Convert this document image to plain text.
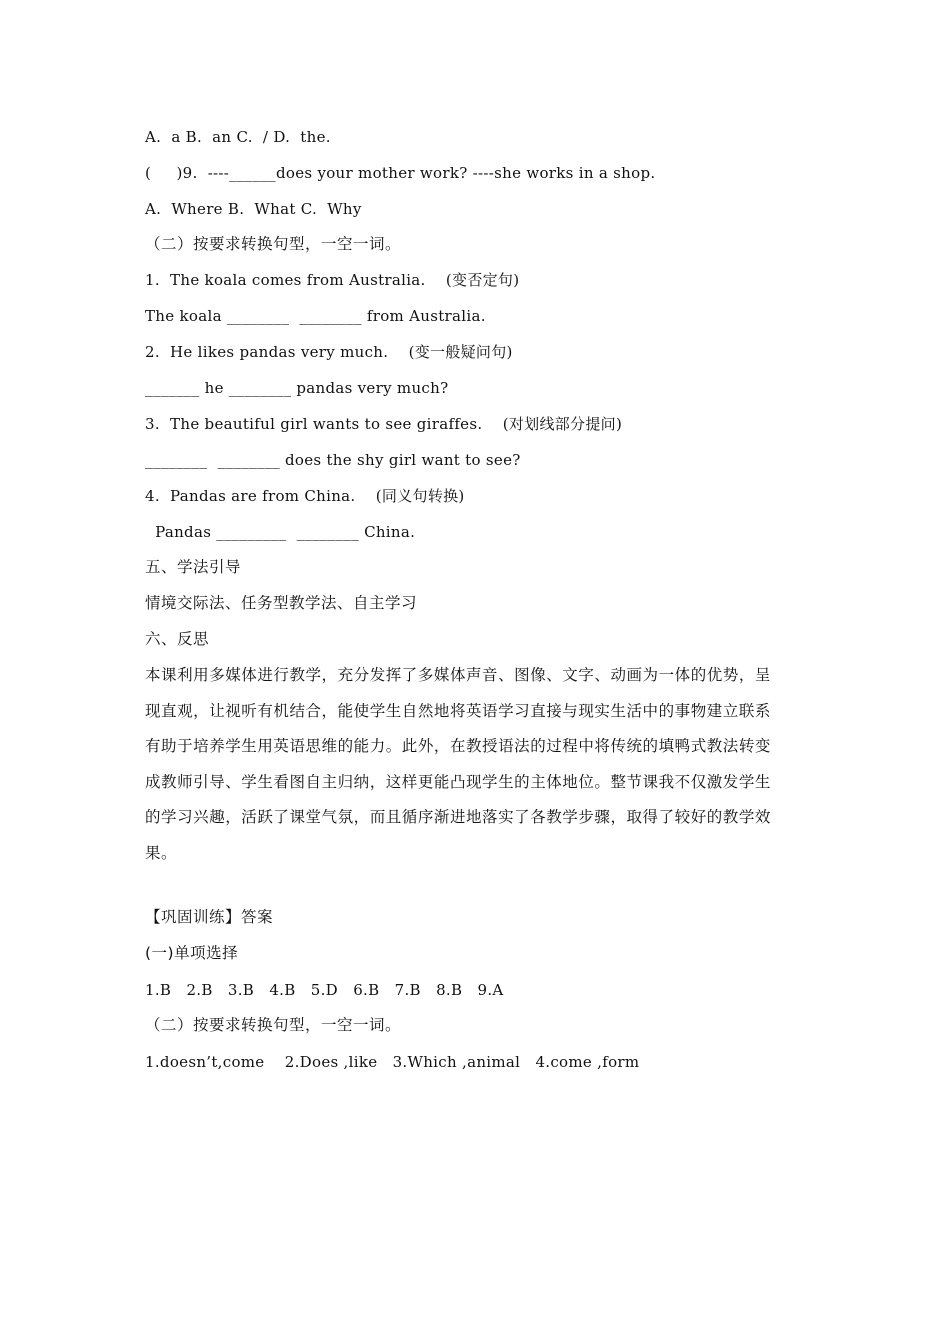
A.  a B.  an C.  / D.  the.
(     )9.  ----______does your mother work? ----she works in a shop.
A.  Where B.  What C.  Why
（二）按要求转换句型，一空一词。
1.  The koala comes from Australia.    (变否定句)
The koala ________  ________ from Australia.
2.  He likes pandas very much.    (变一般疑问句)
_______ he ________ pandas very much?
3.  The beautiful girl wants to see giraffes.    (对划线部分提问)
________  ________ does the shy girl want to see?
4.  Pandas are from China.    (同义句转换)
Pandas _________  ________ China.
五、学法引导
情境交际法、任务型教学法、自主学习
六、反思
本课利用多媒体进行教学，充分发挥了多媒体声音、图像、文字、动画为一体的优势，呈
现直观，让视听有机结合，能使学生自然地将英语学习直接与现实生活中的事物建立联系
有助于培养学生用英语思维的能力。此外，在教授语法的过程中将传统的填鸭式教法转变
成教师引导、学生看图自主归纳，这样更能凸现学生的主体地位。整节课我不仅激发学生
的学习兴趣，活跃了课堂气氛，而且循序渐进地落实了各教学步骤，取得了较好的教学效
果。
【巩固训练】答案
(一)单项选择
1.B   2.B   3.B   4.B   5.D   6.B   7.B   8.B   9.A
（二）按要求转换句型，一空一词。
1.doesn’t,come    2.Does ,like   3.Which ,animal   4.come ,form
